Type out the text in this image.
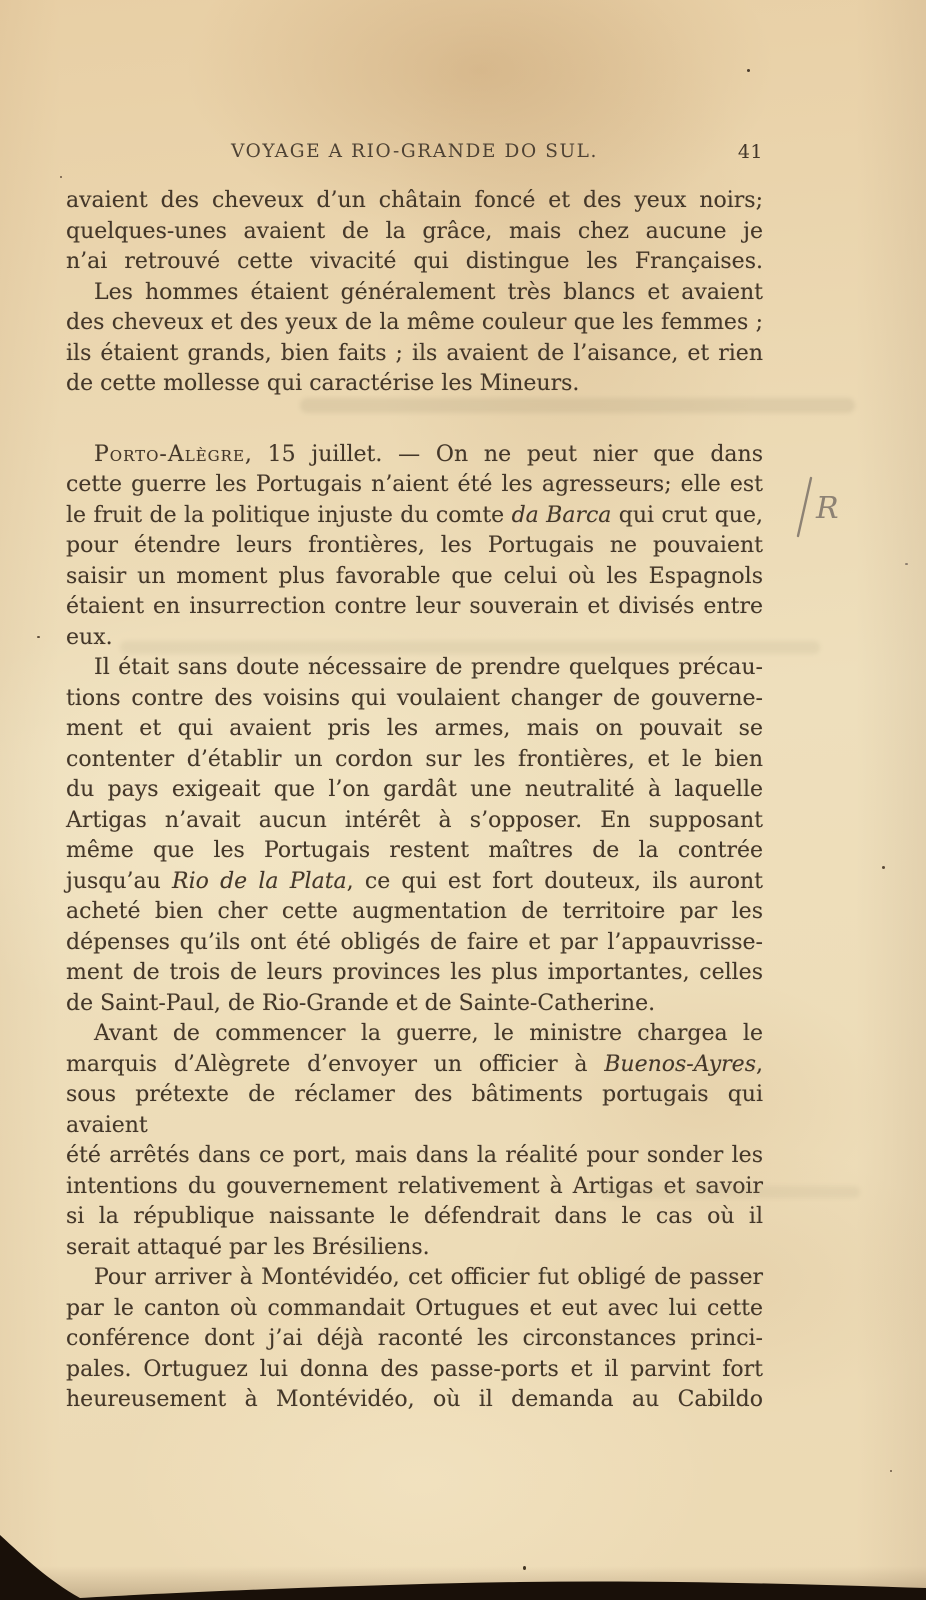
VOYAGE A RIO-GRANDE DO SUL.	41
avaient des cheveux d’un châtain foncé et des yeux noirs;
quelques-unes avaient de la grâce, mais chez aucune je
n’ai retrouvé cette vivacité qui distingue les Françaises.
Les hommes étaient généralement très blancs et avaient
des cheveux et des yeux de la même couleur que les femmes ;
ils étaient grands, bien faits ; ils avaient de l’aisance, et rien
de cette mollesse qui caractérise les Mineurs.
Porto-Alègre, 15 juillet. — On ne peut nier que dans
cette guerre les Portugais n’aient été les agresseurs; elle est
le fruit de la politique injuste du comte da Barca qui crut que,
pour étendre leurs frontières, les Portugais ne pouvaient
saisir un moment plus favorable que celui où les Espagnols
étaient en insurrection contre leur souverain et divisés entre
eux.
Il était sans doute nécessaire de prendre quelques précau-
tions contre des voisins qui voulaient changer de gouverne-
ment et qui avaient pris les armes, mais on pouvait se
contenter d’établir un cordon sur les frontières, et le bien
du pays exigeait que l’on gardât une neutralité à laquelle
Artigas n’avait aucun intérêt à s’opposer. En supposant
même que les Portugais restent maîtres de la contrée
jusqu’au Rio de la Plata, ce qui est fort douteux, ils auront
acheté bien cher cette augmentation de territoire par les
dépenses qu’ils ont été obligés de faire et par l’appauvrisse-
ment de trois de leurs provinces les plus importantes, celles
de Saint-Paul, de Rio-Grande et de Sainte-Catherine.
Avant de commencer la guerre, le ministre chargea le
marquis d’Alègrete d’envoyer un officier à Buenos-Ayres,
sous prétexte de réclamer des bâtiments portugais qui avaient
été arrêtés dans ce port, mais dans la réalité pour sonder les
intentions du gouvernement relativement à Artigas et savoir
si la république naissante le défendrait dans le cas où il
serait attaqué par les Brésiliens.
Pour arriver à Montévidéo, cet officier fut obligé de passer
par le canton où commandait Ortugues et eut avec lui cette
conférence dont j’ai déjà raconté les circonstances princi-
pales. Ortuguez lui donna des passe-ports et il parvint fort
heureusement à Montévidéo, où il demanda au Cabildo
R
